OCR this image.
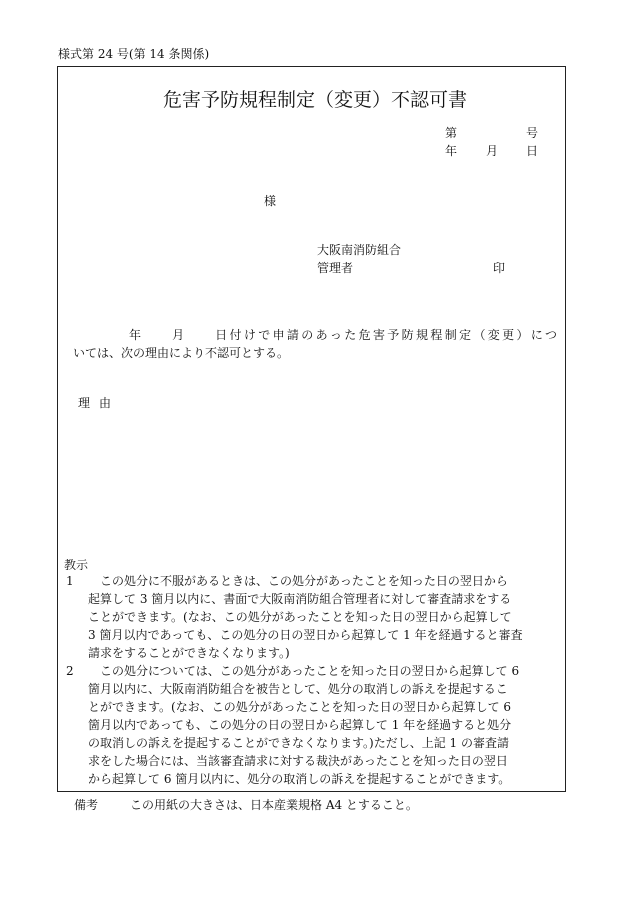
様式第 24 号(第 14 条関係)
危害予防規程制定（変更）不認可書
第	号
年 月 日
様
大阪南消防組合
管理者	印
年　　月　　日付けで申請のあった危害予防規程制定（変更）につ
いては、次の理由により不認可とする。
理由
教示
1	この処分に不服があるときは、この処分があったことを知った日の翌日から
起算して 3 箇月以内に、書面で大阪南消防組合管理者に対して審査請求をする
ことができます。(なお、この処分があったことを知った日の翌日から起算して
3 箇月以内であっても、この処分の日の翌日から起算して 1 年を経過すると審査
請求をすることができなくなります。)
2	この処分については、この処分があったことを知った日の翌日から起算して 6
箇月以内に、大阪南消防組合を被告として、処分の取消しの訴えを提起するこ
とができます。(なお、この処分があったことを知った日の翌日から起算して 6
箇月以内であっても、この処分の日の翌日から起算して 1 年を経過すると処分
の取消しの訴えを提起することができなくなります。)ただし、上記 1 の審査請
求をした場合には、当該審査請求に対する裁決があったことを知った日の翌日
から起算して 6 箇月以内に、処分の取消しの訴えを提起することができます。
備考	この用紙の大きさは、日本産業規格 A4 とすること。
